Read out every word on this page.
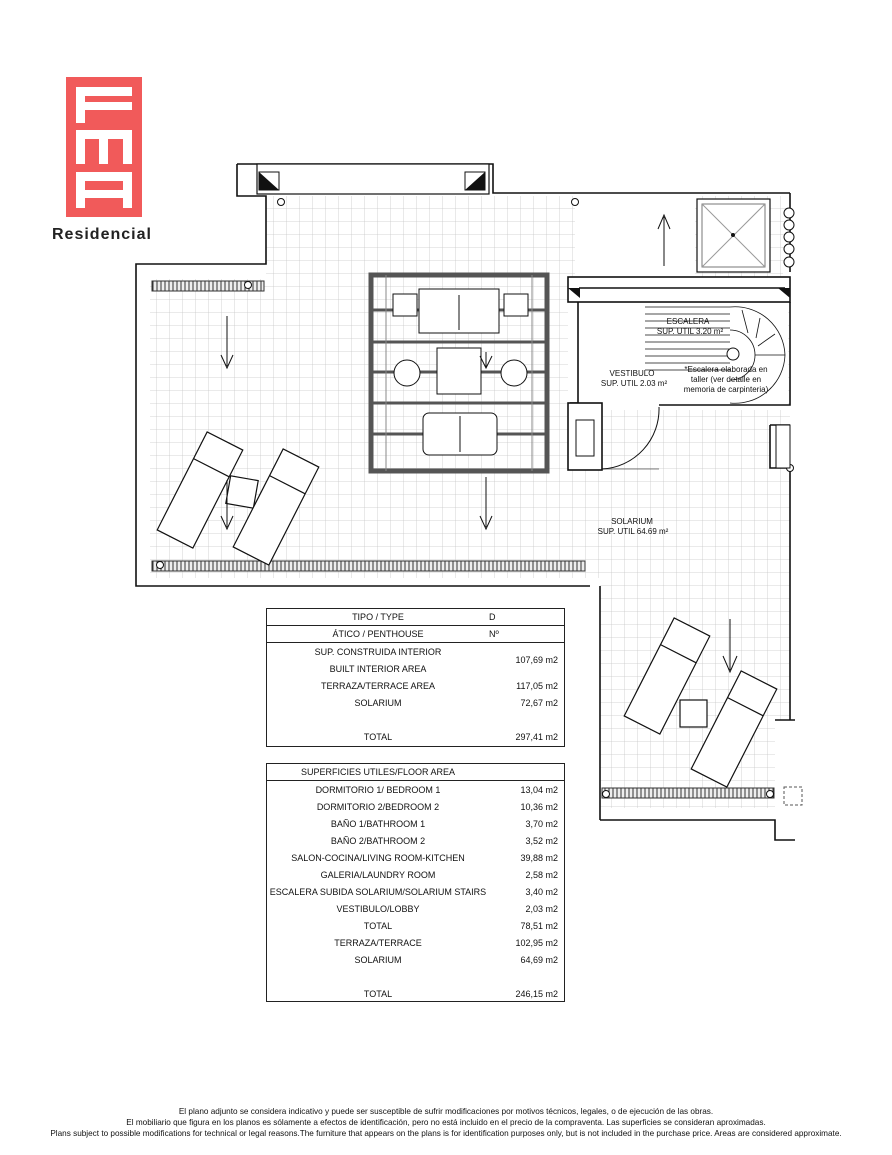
Residencial
ESCALERA
SUP. UTIL 3.20 m²
VESTIBULO
SUP. UTIL 2.03 m²
*Escalera elaborada en
taller (ver detalle en
memoria de carpinteria)
SOLARIUM
SUP. UTIL 64.69 m²
TIPO / TYPE	D
ÁTICO / PENTHOUSE	Nº
SUP. CONSTRUIDA INTERIOR
BUILT INTERIOR AREA
107,69 m2
TERRAZA/TERRACE AREA	117,05 m2
SOLARIUM	72,67 m2
TOTAL	297,41 m2
SUPERFICIES UTILES/FLOOR AREA
DORMITORIO 1/ BEDROOM 1	13,04 m2
DORMITORIO 2/BEDROOM 2	10,36 m2
BAÑO 1/BATHROOM 1	3,70 m2
BAÑO 2/BATHROOM 2	3,52 m2
SALON-COCINA/LIVING ROOM-KITCHEN	39,88 m2
GALERIA/LAUNDRY ROOM	2,58 m2
ESCALERA SUBIDA SOLARIUM/SOLARIUM STAIRS	3,40 m2
VESTIBULO/LOBBY	2,03 m2
TOTAL	78,51 m2
TERRAZA/TERRACE	102,95 m2
SOLARIUM	64,69 m2
TOTAL	246,15 m2
El plano adjunto se considera indicativo y puede ser susceptible de sufrir modificaciones por motivos técnicos, legales, o de ejecución de las obras.
El mobiliario que figura en los planos es sólamente a efectos de identificación, pero no está incluido en el precio de la compraventa. Las superficies se consideran aproximadas.
Plans subject to possible modifications for technical or legal reasons.The furniture that appears on the plans is for identification purposes only, but is not included in the purchase price. Areas are considered approximate.
